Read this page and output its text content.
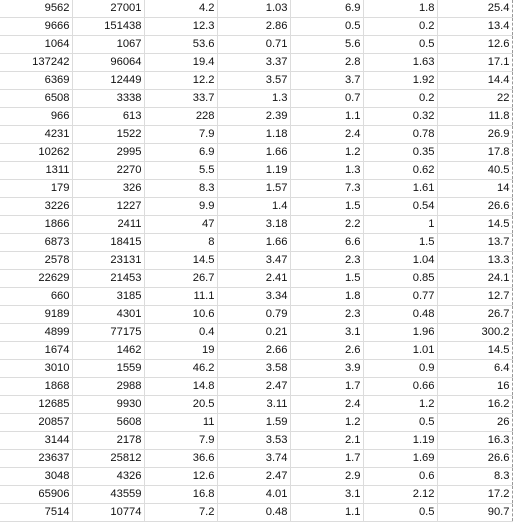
9562	27001	4.2	1.03	6.9	1.8	25.4
9666	151438	12.3	2.86	0.5	0.2	13.4
1064	1067	53.6	0.71	5.6	0.5	12.6
137242	96064	19.4	3.37	2.8	1.63	17.1
6369	12449	12.2	3.57	3.7	1.92	14.4
6508	3338	33.7	1.3	0.7	0.2	22
966	613	228	2.39	1.1	0.32	11.8
4231	1522	7.9	1.18	2.4	0.78	26.9
10262	2995	6.9	1.66	1.2	0.35	17.8
1311	2270	5.5	1.19	1.3	0.62	40.5
179	326	8.3	1.57	7.3	1.61	14
3226	1227	9.9	1.4	1.5	0.54	26.6
1866	2411	47	3.18	2.2	1	14.5
6873	18415	8	1.66	6.6	1.5	13.7
2578	23131	14.5	3.47	2.3	1.04	13.3
22629	21453	26.7	2.41	1.5	0.85	24.1
660	3185	11.1	3.34	1.8	0.77	12.7
9189	4301	10.6	0.79	2.3	0.48	26.7
4899	77175	0.4	0.21	3.1	1.96	300.2
1674	1462	19	2.66	2.6	1.01	14.5
3010	1559	46.2	3.58	3.9	0.9	6.4
1868	2988	14.8	2.47	1.7	0.66	16
12685	9930	20.5	3.11	2.4	1.2	16.2
20857	5608	11	1.59	1.2	0.5	26
3144	2178	7.9	3.53	2.1	1.19	16.3
23637	25812	36.6	3.74	1.7	1.69	26.6
3048	4326	12.6	2.47	2.9	0.6	8.3
65906	43559	16.8	4.01	3.1	2.12	17.2
7514	10774	7.2	0.48	1.1	0.5	90.7
